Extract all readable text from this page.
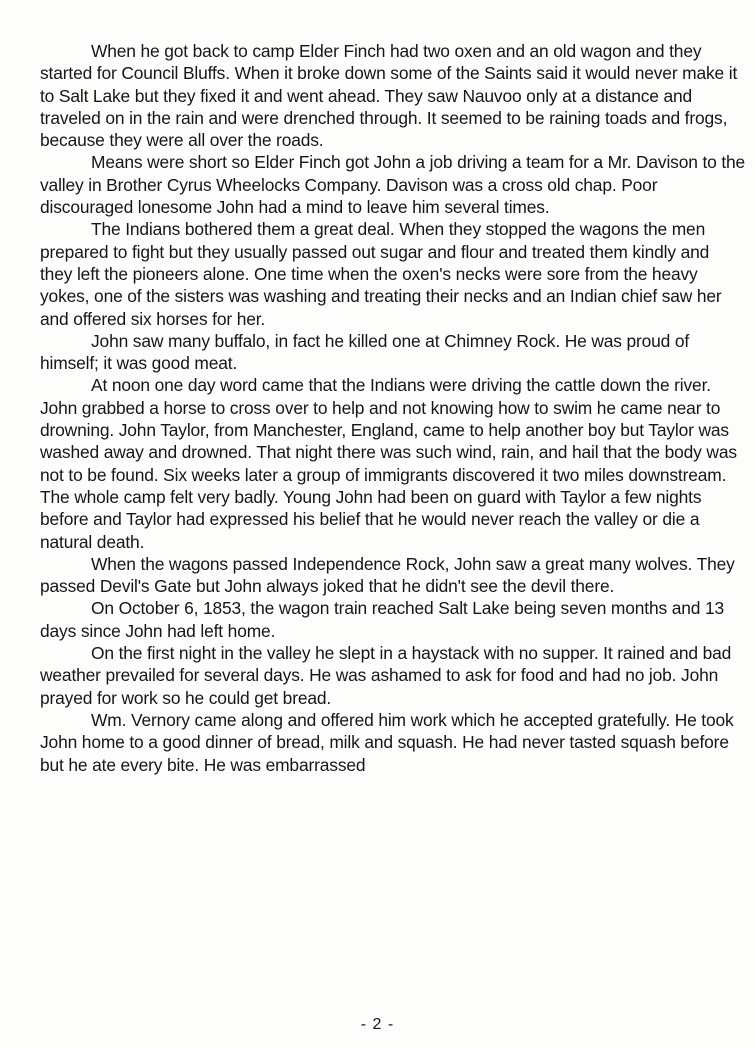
When he got back to camp Elder Finch had two oxen and an old wagon and they started for Council Bluffs. When it broke down some of the Saints said it would never make it to Salt Lake but they fixed it and went ahead. They saw Nauvoo only at a distance and traveled on in the rain and were drenched through. It seemed to be raining toads and frogs, because they were all over the roads.

Means were short so Elder Finch got John a job driving a team for a Mr. Davison to the valley in Brother Cyrus Wheelocks Company. Davison was a cross old chap. Poor discouraged lonesome John had a mind to leave him several times.

The Indians bothered them a great deal. When they stopped the wagons the men prepared to fight but they usually passed out sugar and flour and treated them kindly and they left the pioneers alone. One time when the oxen's necks were sore from the heavy yokes, one of the sisters was washing and treating their necks and an Indian chief saw her and offered six horses for her.

John saw many buffalo, in fact he killed one at Chimney Rock. He was proud of himself; it was good meat.

At noon one day word came that the Indians were driving the cattle down the river. John grabbed a horse to cross over to help and not knowing how to swim he came near to drowning. John Taylor, from Manchester, England, came to help another boy but Taylor was washed away and drowned. That night there was such wind, rain, and hail that the body was not to be found. Six weeks later a group of immigrants discovered it two miles downstream. The whole camp felt very badly. Young John had been on guard with Taylor a few nights before and Taylor had expressed his belief that he would never reach the valley or die a natural death.

When the wagons passed Independence Rock, John saw a great many wolves. They passed Devil's Gate but John always joked that he didn't see the devil there.

On October 6, 1853, the wagon train reached Salt Lake being seven months and 13 days since John had left home.

On the first night in the valley he slept in a haystack with no supper. It rained and bad weather prevailed for several days. He was ashamed to ask for food and had no job. John prayed for work so he could get bread.

Wm. Vernory came along and offered him work which he accepted gratefully. He took John home to a good dinner of bread, milk and squash. He had never tasted squash before but he ate every bite. He was embarrassed

- 2 -
